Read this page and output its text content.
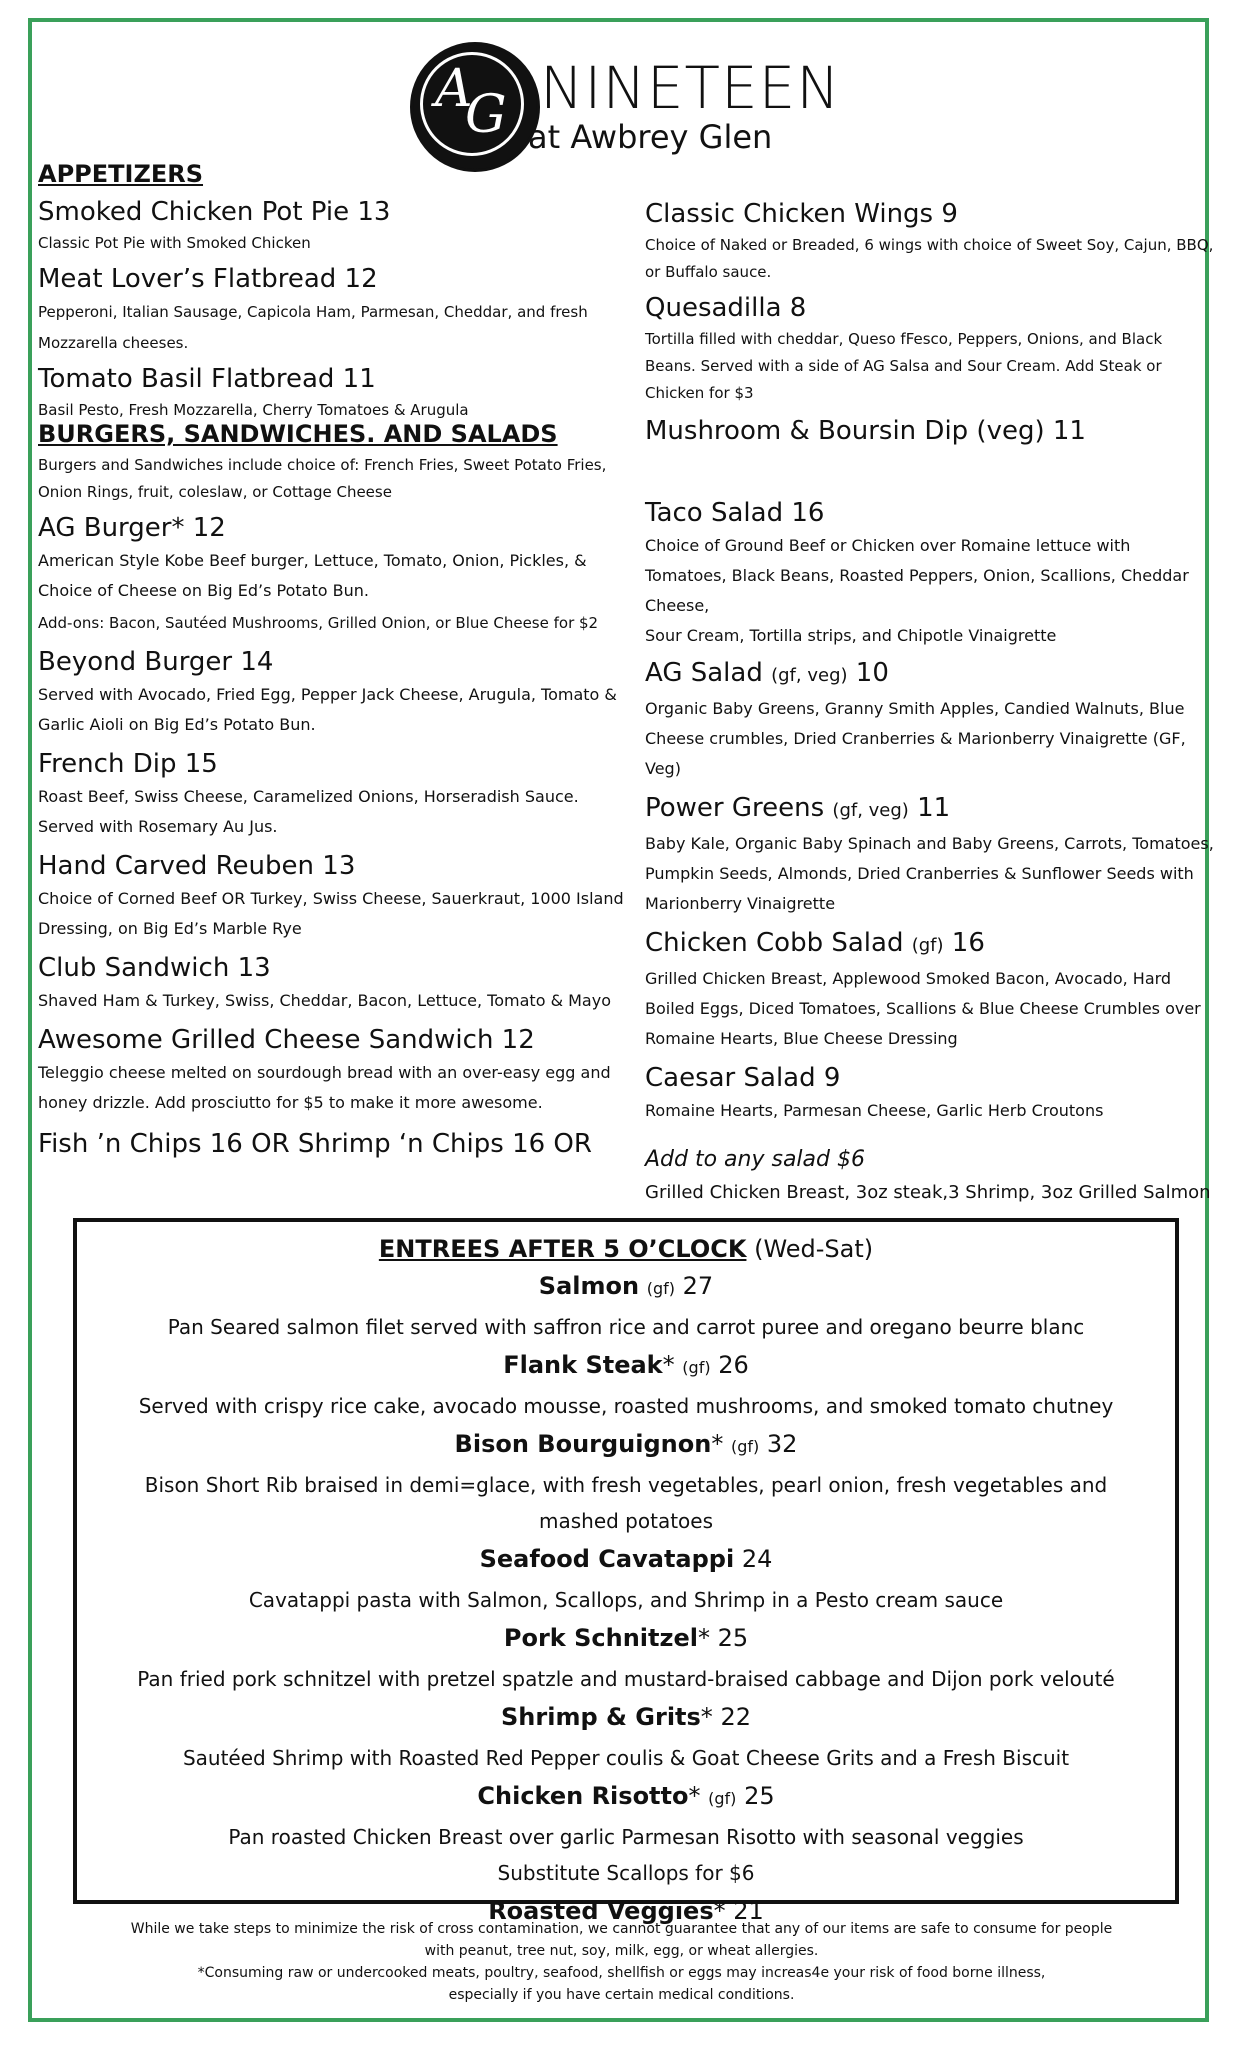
A
G NINETEEN
at Awbrey Glen

APPETIZERS

Smoked Chicken Pot Pie 13

Classic Pot Pie with Smoked Chicken

Meat Lover’s Flatbread 12

Pepperoni, Italian Sausage, Capicola Ham, Parmesan, Cheddar, and fresh Mozzarella cheeses.

Tomato Basil Flatbread 11

Basil Pesto, Fresh Mozzarella, Cherry Tomatoes & Arugula

BURGERS, SANDWICHES. AND SALADS

Burgers and Sandwiches include choice of: French Fries, Sweet Potato Fries, Onion Rings, fruit, coleslaw, or Cottage Cheese

AG Burger* 12

American Style Kobe Beef burger, Lettuce, Tomato, Onion, Pickles, & Choice of Cheese on Big Ed’s Potato Bun.

Add-ons: Bacon, Sautéed Mushrooms, Grilled Onion, or Blue Cheese for $2

Beyond Burger 14

Served with Avocado, Fried Egg, Pepper Jack Cheese, Arugula, Tomato & Garlic Aioli on Big Ed’s Potato Bun.

French Dip 15

Roast Beef, Swiss Cheese, Caramelized Onions, Horseradish Sauce. Served with Rosemary Au Jus.

Hand Carved Reuben 13

Choice of Corned Beef OR Turkey, Swiss Cheese, Sauerkraut, 1000 Island Dressing, on Big Ed’s Marble Rye

Club Sandwich 13

Shaved Ham & Turkey, Swiss, Cheddar, Bacon, Lettuce, Tomato & Mayo

Awesome Grilled Cheese Sandwich 12

Teleggio cheese melted on sourdough bread with an over-easy egg and honey drizzle. Add prosciutto for $5 to make it more awesome.

Fish ’n Chips 16 OR Shrimp ‘n Chips 16 OR

Classic Chicken Wings 9

Choice of Naked or Breaded, 6 wings with choice of Sweet Soy, Cajun, BBQ, or Buffalo sauce.

Quesadilla 8

Tortilla filled with cheddar, Queso fFesco, Peppers, Onions, and Black Beans. Served with a side of AG Salsa and Sour Cream. Add Steak or Chicken for $3

Mushroom & Boursin Dip (veg) 11

Taco Salad 16

Choice of Ground Beef or Chicken over Romaine lettuce with Tomatoes, Black Beans, Roasted Peppers, Onion, Scallions, Cheddar Cheese,

Sour Cream, Tortilla strips, and Chipotle Vinaigrette

AG Salad (gf, veg) 10

Organic Baby Greens, Granny Smith Apples, Candied Walnuts, Blue Cheese crumbles, Dried Cranberries & Marionberry Vinaigrette (GF, Veg)

Power Greens (gf, veg) 11

Baby Kale, Organic Baby Spinach and Baby Greens, Carrots, Tomatoes, Pumpkin Seeds, Almonds, Dried Cranberries & Sunflower Seeds with Marionberry Vinaigrette

Chicken Cobb Salad (gf) 16

Grilled Chicken Breast, Applewood Smoked Bacon, Avocado, Hard Boiled Eggs, Diced Tomatoes, Scallions & Blue Cheese Crumbles over Romaine Hearts, Blue Cheese Dressing

Caesar Salad 9

Romaine Hearts, Parmesan Cheese, Garlic Herb Croutons

Add to any salad $6

Grilled Chicken Breast, 3oz steak,3 Shrimp, 3oz Grilled Salmon

ENTREES AFTER 5 O’CLOCK (Wed-Sat)
Salmon (gf) 27
Pan Seared salmon filet served with saffron rice and carrot puree and oregano beurre blanc
Flank Steak* (gf) 26
Served with crispy rice cake, avocado mousse, roasted mushrooms, and smoked tomato chutney
Bison Bourguignon* (gf) 32
Bison Short Rib braised in demi=glace, with fresh vegetables, pearl onion, fresh vegetables and mashed potatoes
Seafood Cavatappi 24
Cavatappi pasta with Salmon, Scallops, and Shrimp in a Pesto cream sauce
Pork Schnitzel* 25
Pan fried pork schnitzel with pretzel spatzle and mustard-braised cabbage and Dijon pork velouté
Shrimp & Grits* 22
Sautéed Shrimp with Roasted Red Pepper coulis & Goat Cheese Grits and a Fresh Biscuit
Chicken Risotto* (gf) 25
Pan roasted Chicken Breast over garlic Parmesan Risotto with seasonal veggies
Substitute Scallops for $6
Roasted Veggies* 21
While we take steps to minimize the risk of cross contamination, we cannot guarantee that any of our items are safe to consume for people
with peanut, tree nut, soy, milk, egg, or wheat allergies.
*Consuming raw or undercooked meats, poultry, seafood, shellfish or eggs may increas4e your risk of food borne illness,
especially if you have certain medical conditions.
